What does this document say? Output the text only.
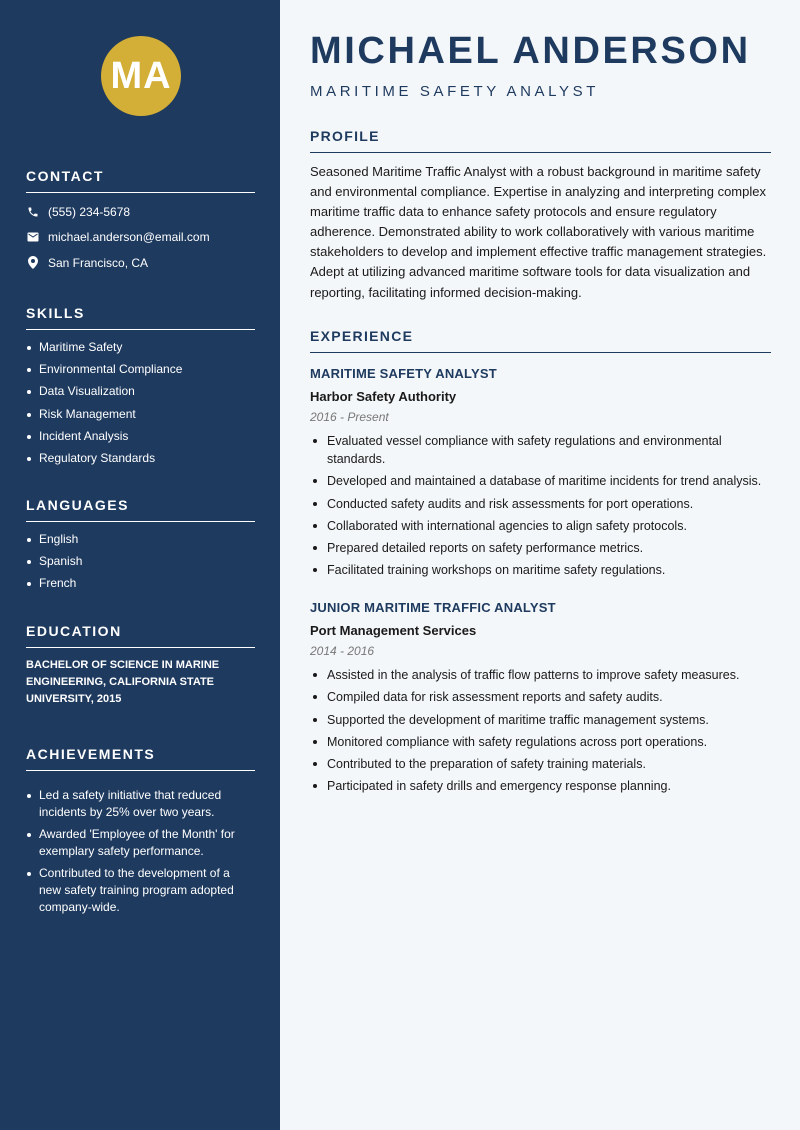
MA
CONTACT
(555) 234-5678
michael.anderson@email.com
San Francisco, CA
SKILLS
Maritime Safety
Environmental Compliance
Data Visualization
Risk Management
Incident Analysis
Regulatory Standards
LANGUAGES
English
Spanish
French
EDUCATION
BACHELOR OF SCIENCE IN MARINE ENGINEERING, CALIFORNIA STATE UNIVERSITY, 2015
ACHIEVEMENTS
Led a safety initiative that reduced incidents by 25% over two years.
Awarded 'Employee of the Month' for exemplary safety performance.
Contributed to the development of a new safety training program adopted company-wide.
MICHAEL ANDERSON
MARITIME SAFETY ANALYST
PROFILE
Seasoned Maritime Traffic Analyst with a robust background in maritime safety and environmental compliance. Expertise in analyzing and interpreting complex maritime traffic data to enhance safety protocols and ensure regulatory adherence. Demonstrated ability to work collaboratively with various maritime stakeholders to develop and implement effective traffic management strategies. Adept at utilizing advanced maritime software tools for data visualization and reporting, facilitating informed decision-making.
EXPERIENCE
MARITIME SAFETY ANALYST
Harbor Safety Authority
2016 - Present
Evaluated vessel compliance with safety regulations and environmental standards.
Developed and maintained a database of maritime incidents for trend analysis.
Conducted safety audits and risk assessments for port operations.
Collaborated with international agencies to align safety protocols.
Prepared detailed reports on safety performance metrics.
Facilitated training workshops on maritime safety regulations.
JUNIOR MARITIME TRAFFIC ANALYST
Port Management Services
2014 - 2016
Assisted in the analysis of traffic flow patterns to improve safety measures.
Compiled data for risk assessment reports and safety audits.
Supported the development of maritime traffic management systems.
Monitored compliance with safety regulations across port operations.
Contributed to the preparation of safety training materials.
Participated in safety drills and emergency response planning.
